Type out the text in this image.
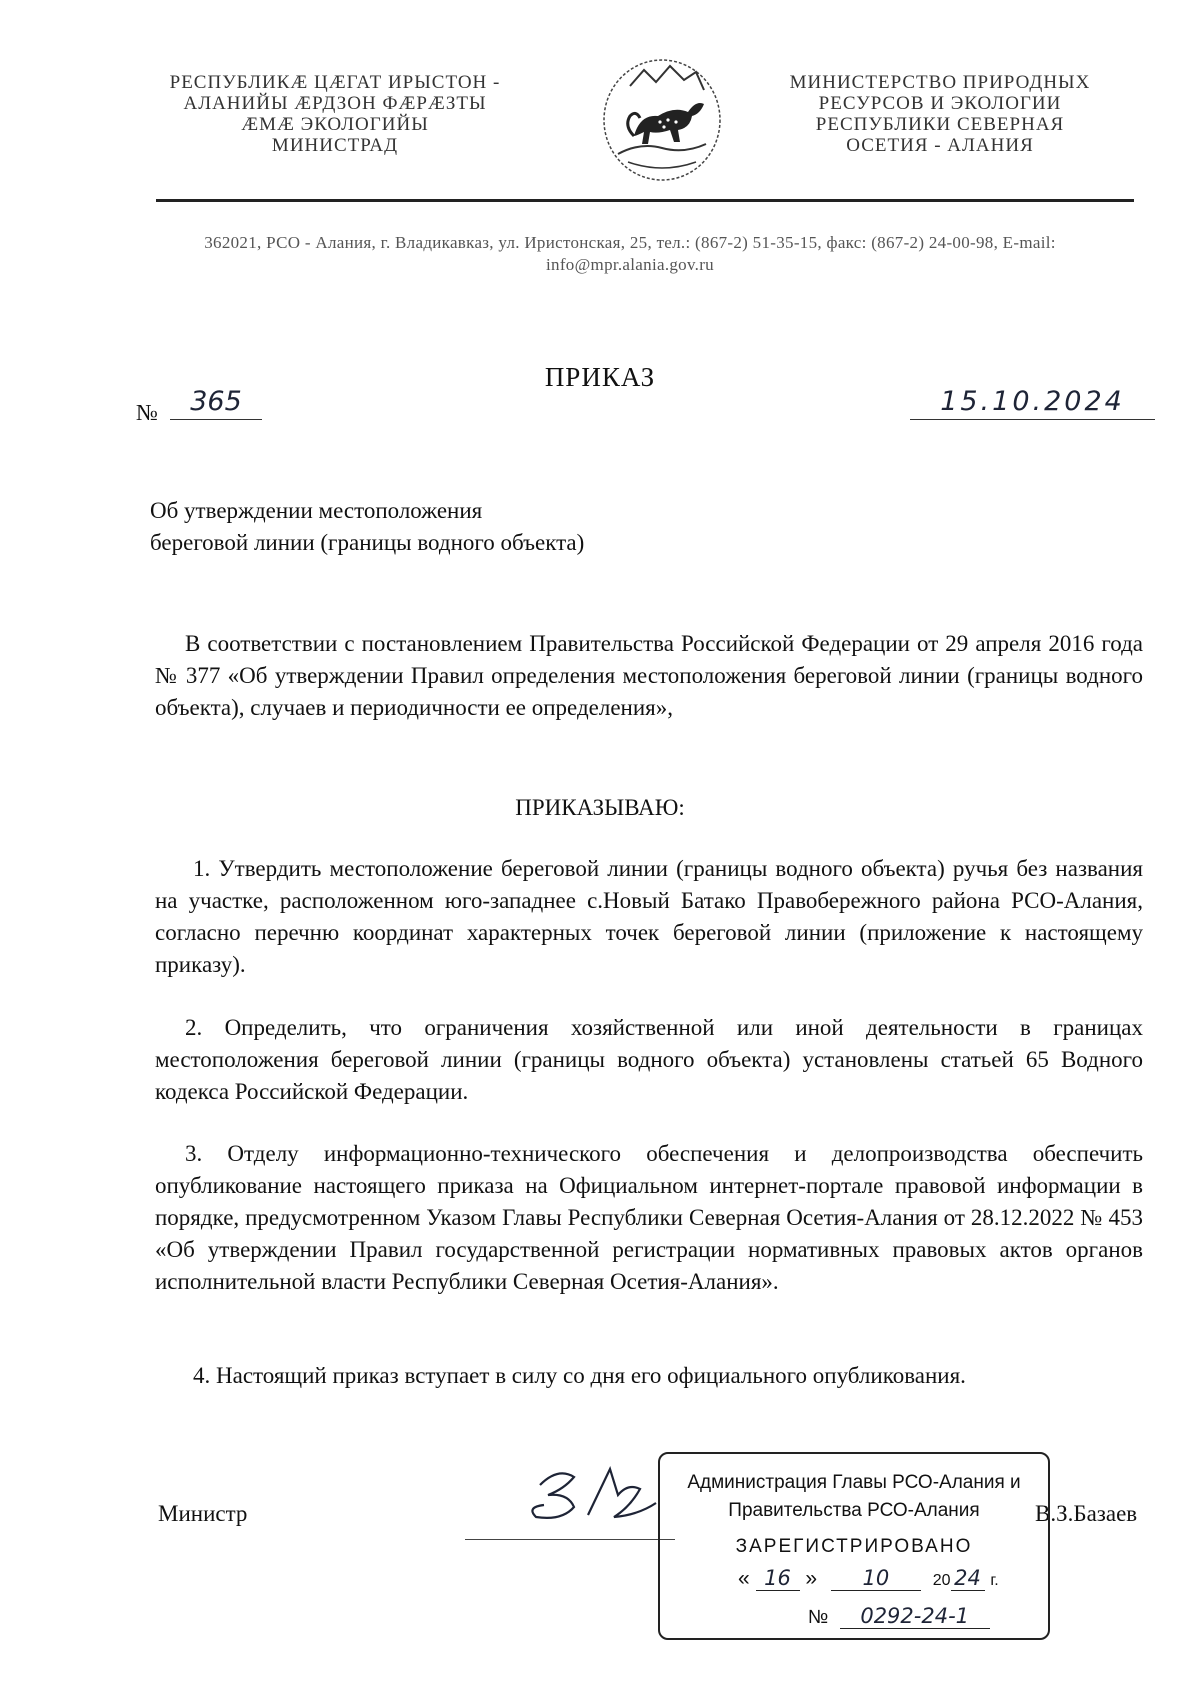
РЕСПУБЛИКÆ ЦÆГАТ ИРЫСТОН -
АЛАНИЙЫ ÆРДЗОН ФÆРÆЗТЫ
ÆМÆ ЭКОЛОГИЙЫ
МИНИСТРАД
МИНИСТЕРСТВО ПРИРОДНЫХ
РЕСУРСОВ И ЭКОЛОГИИ
РЕСПУБЛИКИ СЕВЕРНАЯ
ОСЕТИЯ - АЛАНИЯ
362021, РСО - Алания, г. Владикавказ, ул. Иристонская, 25, тел.: (867-2) 51-35-15, факс: (867-2) 24-00-98, E-mail: info@mpr.alania.gov.ru
ПРИКАЗ
№	365	15.10.2024
Об утверждении местоположения
береговой линии (границы водного объекта)
В соответствии с постановлением Правительства Российской Федерации от 29 апреля 2016 года № 377 «Об утверждении Правил определения местоположения береговой линии (границы водного объекта), случаев и периодичности ее определения»,
ПРИКАЗЫВАЮ:
1. Утвердить местоположение береговой линии (границы водного объекта) ручья без названия на участке, расположенном юго-западнее с.Новый Батако Правобережного района РСО-Алания, согласно перечню координат характерных точек береговой линии (приложение к настоящему приказу).
2. Определить, что ограничения хозяйственной или иной деятельности в границах местоположения береговой линии (границы водного объекта) установлены статьей 65 Водного кодекса Российской Федерации.
3. Отделу информационно-технического обеспечения и делопроизводства обеспечить опубликование настоящего приказа на Официальном интернет-портале правовой информации в порядке, предусмотренном Указом Главы Республики Северная Осетия-Алания от 28.12.2022 № 453 «Об утверждении Правил государственной регистрации нормативных правовых актов органов исполнительной власти Республики Северная Осетия-Алания».
4. Настоящий приказ вступает в силу со дня его официального опубликования.
Министр	В.З.Базаев
Администрация Главы РСО-Алания и
Правительства РСО-Алания
ЗАРЕГИСТРИРОВАНО
« 16 » 10	20 24 г.
№ 0292-24-1
